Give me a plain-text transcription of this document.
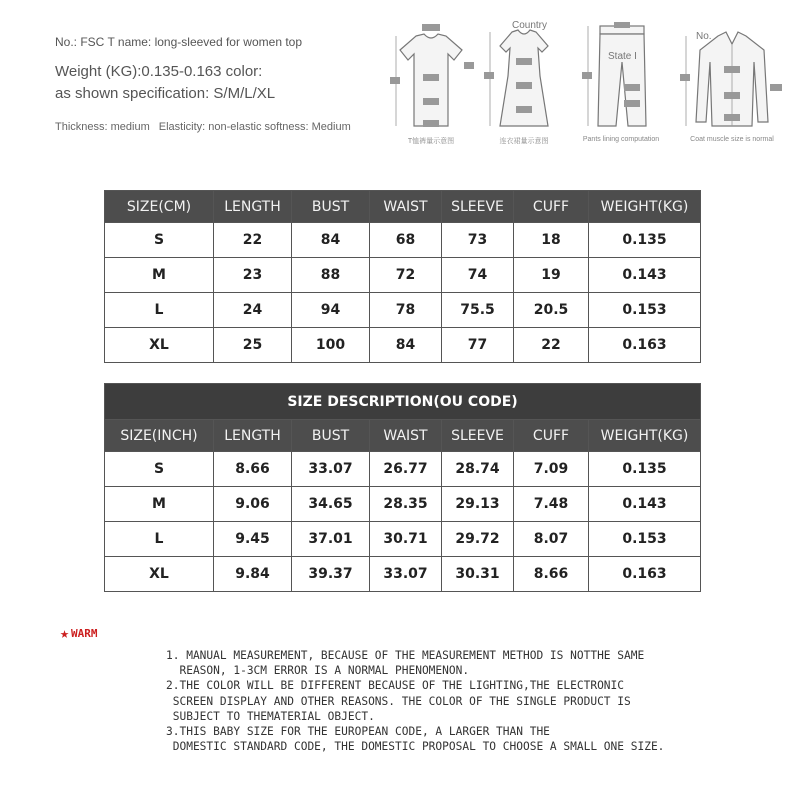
No.: FSC T name: long-sleeved for women top
Weight (KG):0.135-0.163 color:
as shown specification: S/M/L/XL
Thickness: medium Elasticity: non-elastic softness: Medium
T恤裤量示意图
Country
连衣裙量示意图
State I
Pants lining computation
No.
Coat muscle size is normal
SIZE(CM)	LENGTH	BUST	WAIST	SLEEVE	CUFF	WEIGHT(KG)
S	22	84	68	73	18	0.135
M	23	88	72	74	19	0.143
L	24	94	78	75.5	20.5	0.153
XL	25	100	84	77	22	0.163
SIZE DESCRIPTION(OU CODE)						
SIZE(INCH)	LENGTH	BUST	WAIST	SLEEVE	CUFF	WEIGHT(KG)
S	8.66	33.07	26.77	28.74	7.09	0.135
M	9.06	34.65	28.35	29.13	7.48	0.143
L	9.45	37.01	30.71	29.72	8.07	0.153
XL	9.84	39.37	33.07	30.31	8.66	0.163
★ WARM
1. MANUAL MEASUREMENT, BECAUSE OF THE MEASUREMENT METHOD IS NOTTHE SAME
REASON, 1-3CM ERROR IS A NORMAL PHENOMENON.
2.THE COLOR WILL BE DIFFERENT BECAUSE OF THE LIGHTING,THE ELECTRONIC
SCREEN DISPLAY AND OTHER REASONS. THE COLOR OF THE SINGLE PRODUCT IS
SUBJECT TO THEMATERIAL OBJECT.
3.THIS BABY SIZE FOR THE EUROPEAN CODE, A LARGER THAN THE
DOMESTIC STANDARD CODE, THE DOMESTIC PROPOSAL TO CHOOSE A SMALL ONE SIZE.
